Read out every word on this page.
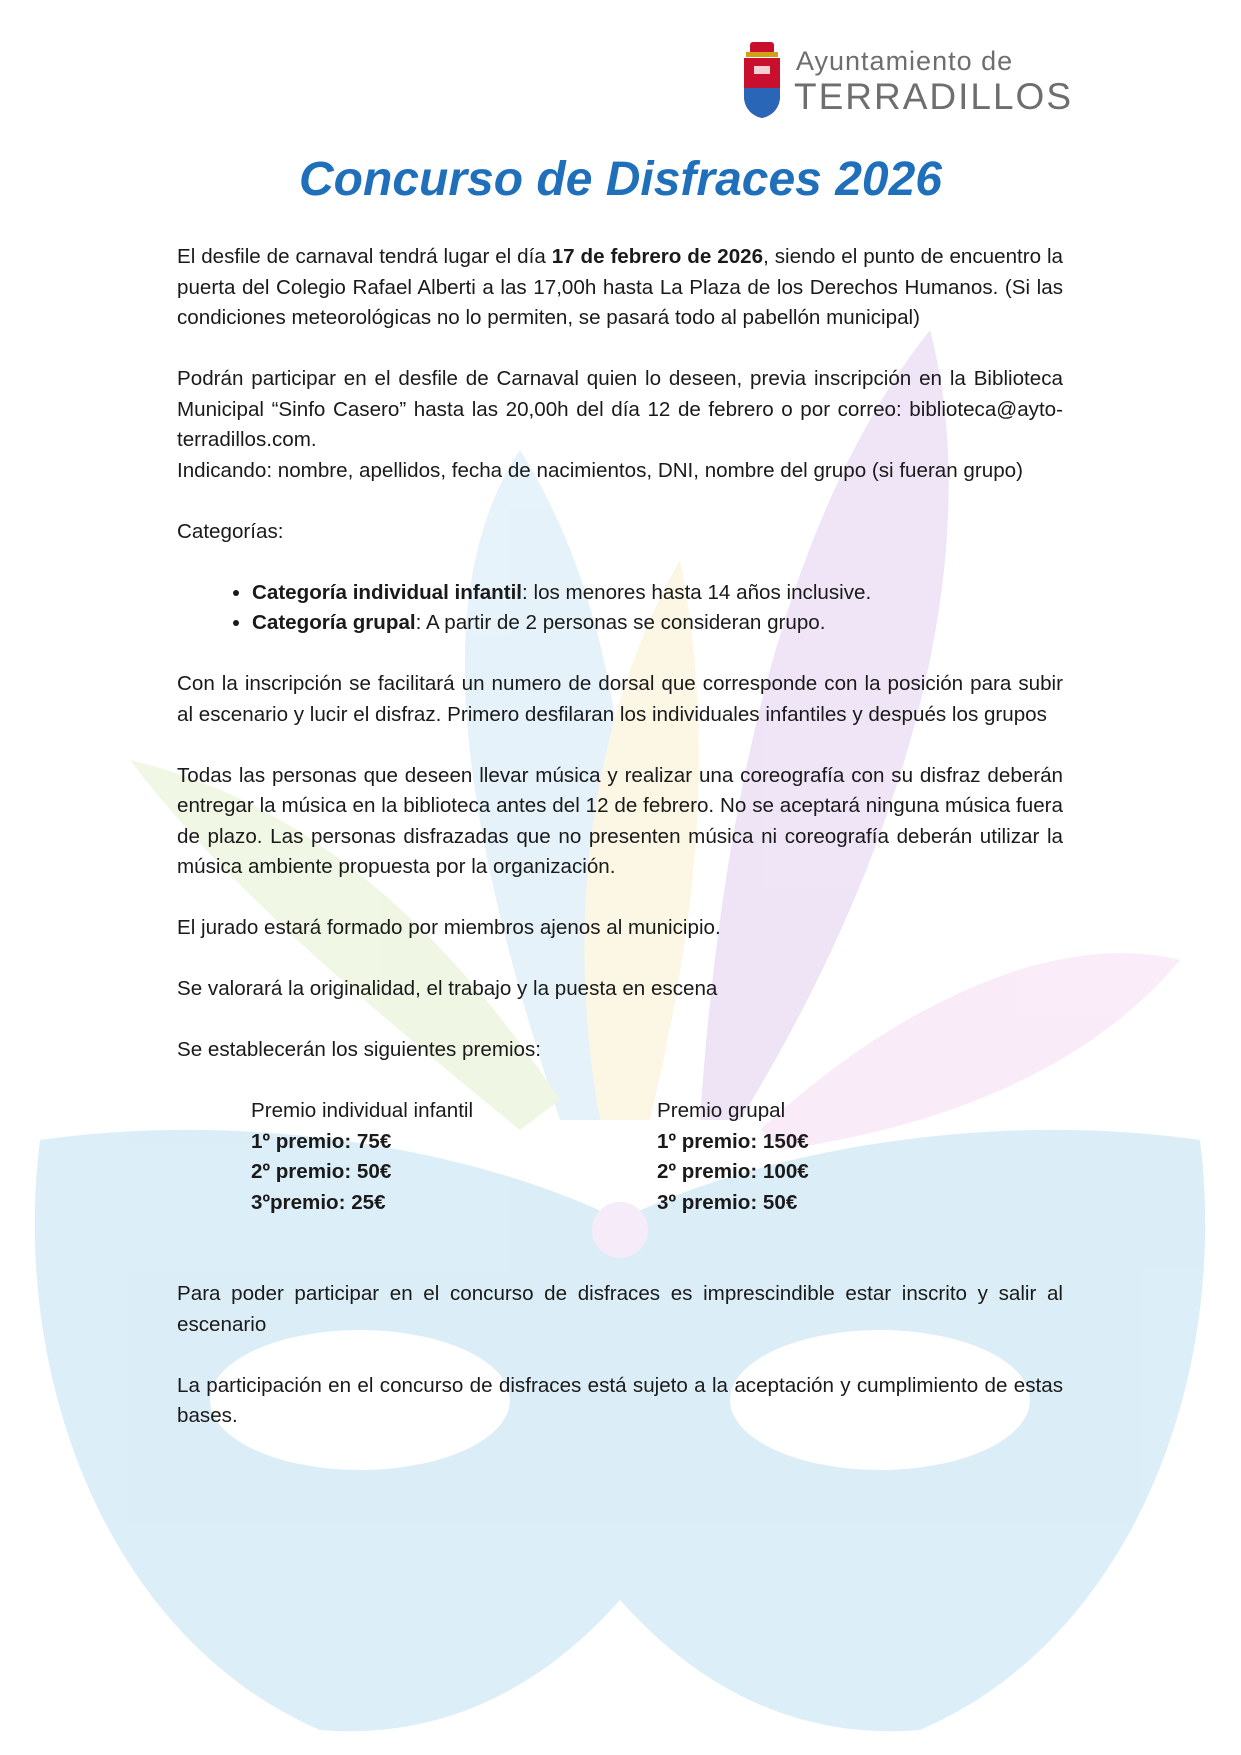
Ayuntamiento de
TERRADILLOS
Concurso de Disfraces 2026

El desfile de carnaval tendrá lugar el día 17 de febrero de 2026, siendo el punto de encuentro la puerta del Colegio Rafael Alberti a las 17,00h hasta La Plaza de los Derechos Humanos. (Si las condiciones meteorológicas no lo permiten, se pasará todo al pabellón municipal)

Podrán participar en el desfile de Carnaval quien lo deseen, previa inscripción en la Biblioteca Municipal “Sinfo Casero” hasta las 20,00h del día 12 de febrero o por correo: biblioteca@ayto-terradillos.com.

Indicando: nombre, apellidos, fecha de nacimientos, DNI, nombre del grupo (si fueran grupo)

Categorías:

• Categoría individual infantil: los menores hasta 14 años inclusive.
• Categoría grupal: A partir de 2 personas se consideran grupo.

Con la inscripción se facilitará un numero de dorsal que corresponde con la posición para subir al escenario y lucir el disfraz. Primero desfilaran los individuales infantiles y después los grupos

Todas las personas que deseen llevar música y realizar una coreografía con su disfraz deberán entregar la música en la biblioteca antes del 12 de febrero. No se aceptará ninguna música fuera de plazo. Las personas disfrazadas que no presenten música ni coreografía deberán utilizar la música ambiente propuesta por la organización.

El jurado estará formado por miembros ajenos al municipio.

Se valorará la originalidad, el trabajo y la puesta en escena

Se establecerán los siguientes premios:

Premio individual infantil
1º premio: 75€
2º premio: 50€
3ºpremio: 25€
Premio grupal
1º premio: 150€
2º premio: 100€
3º premio: 50€

Para poder participar en el concurso de disfraces es imprescindible estar inscrito y salir al escenario

La participación en el concurso de disfraces está sujeto a la aceptación y cumplimiento de estas bases.
